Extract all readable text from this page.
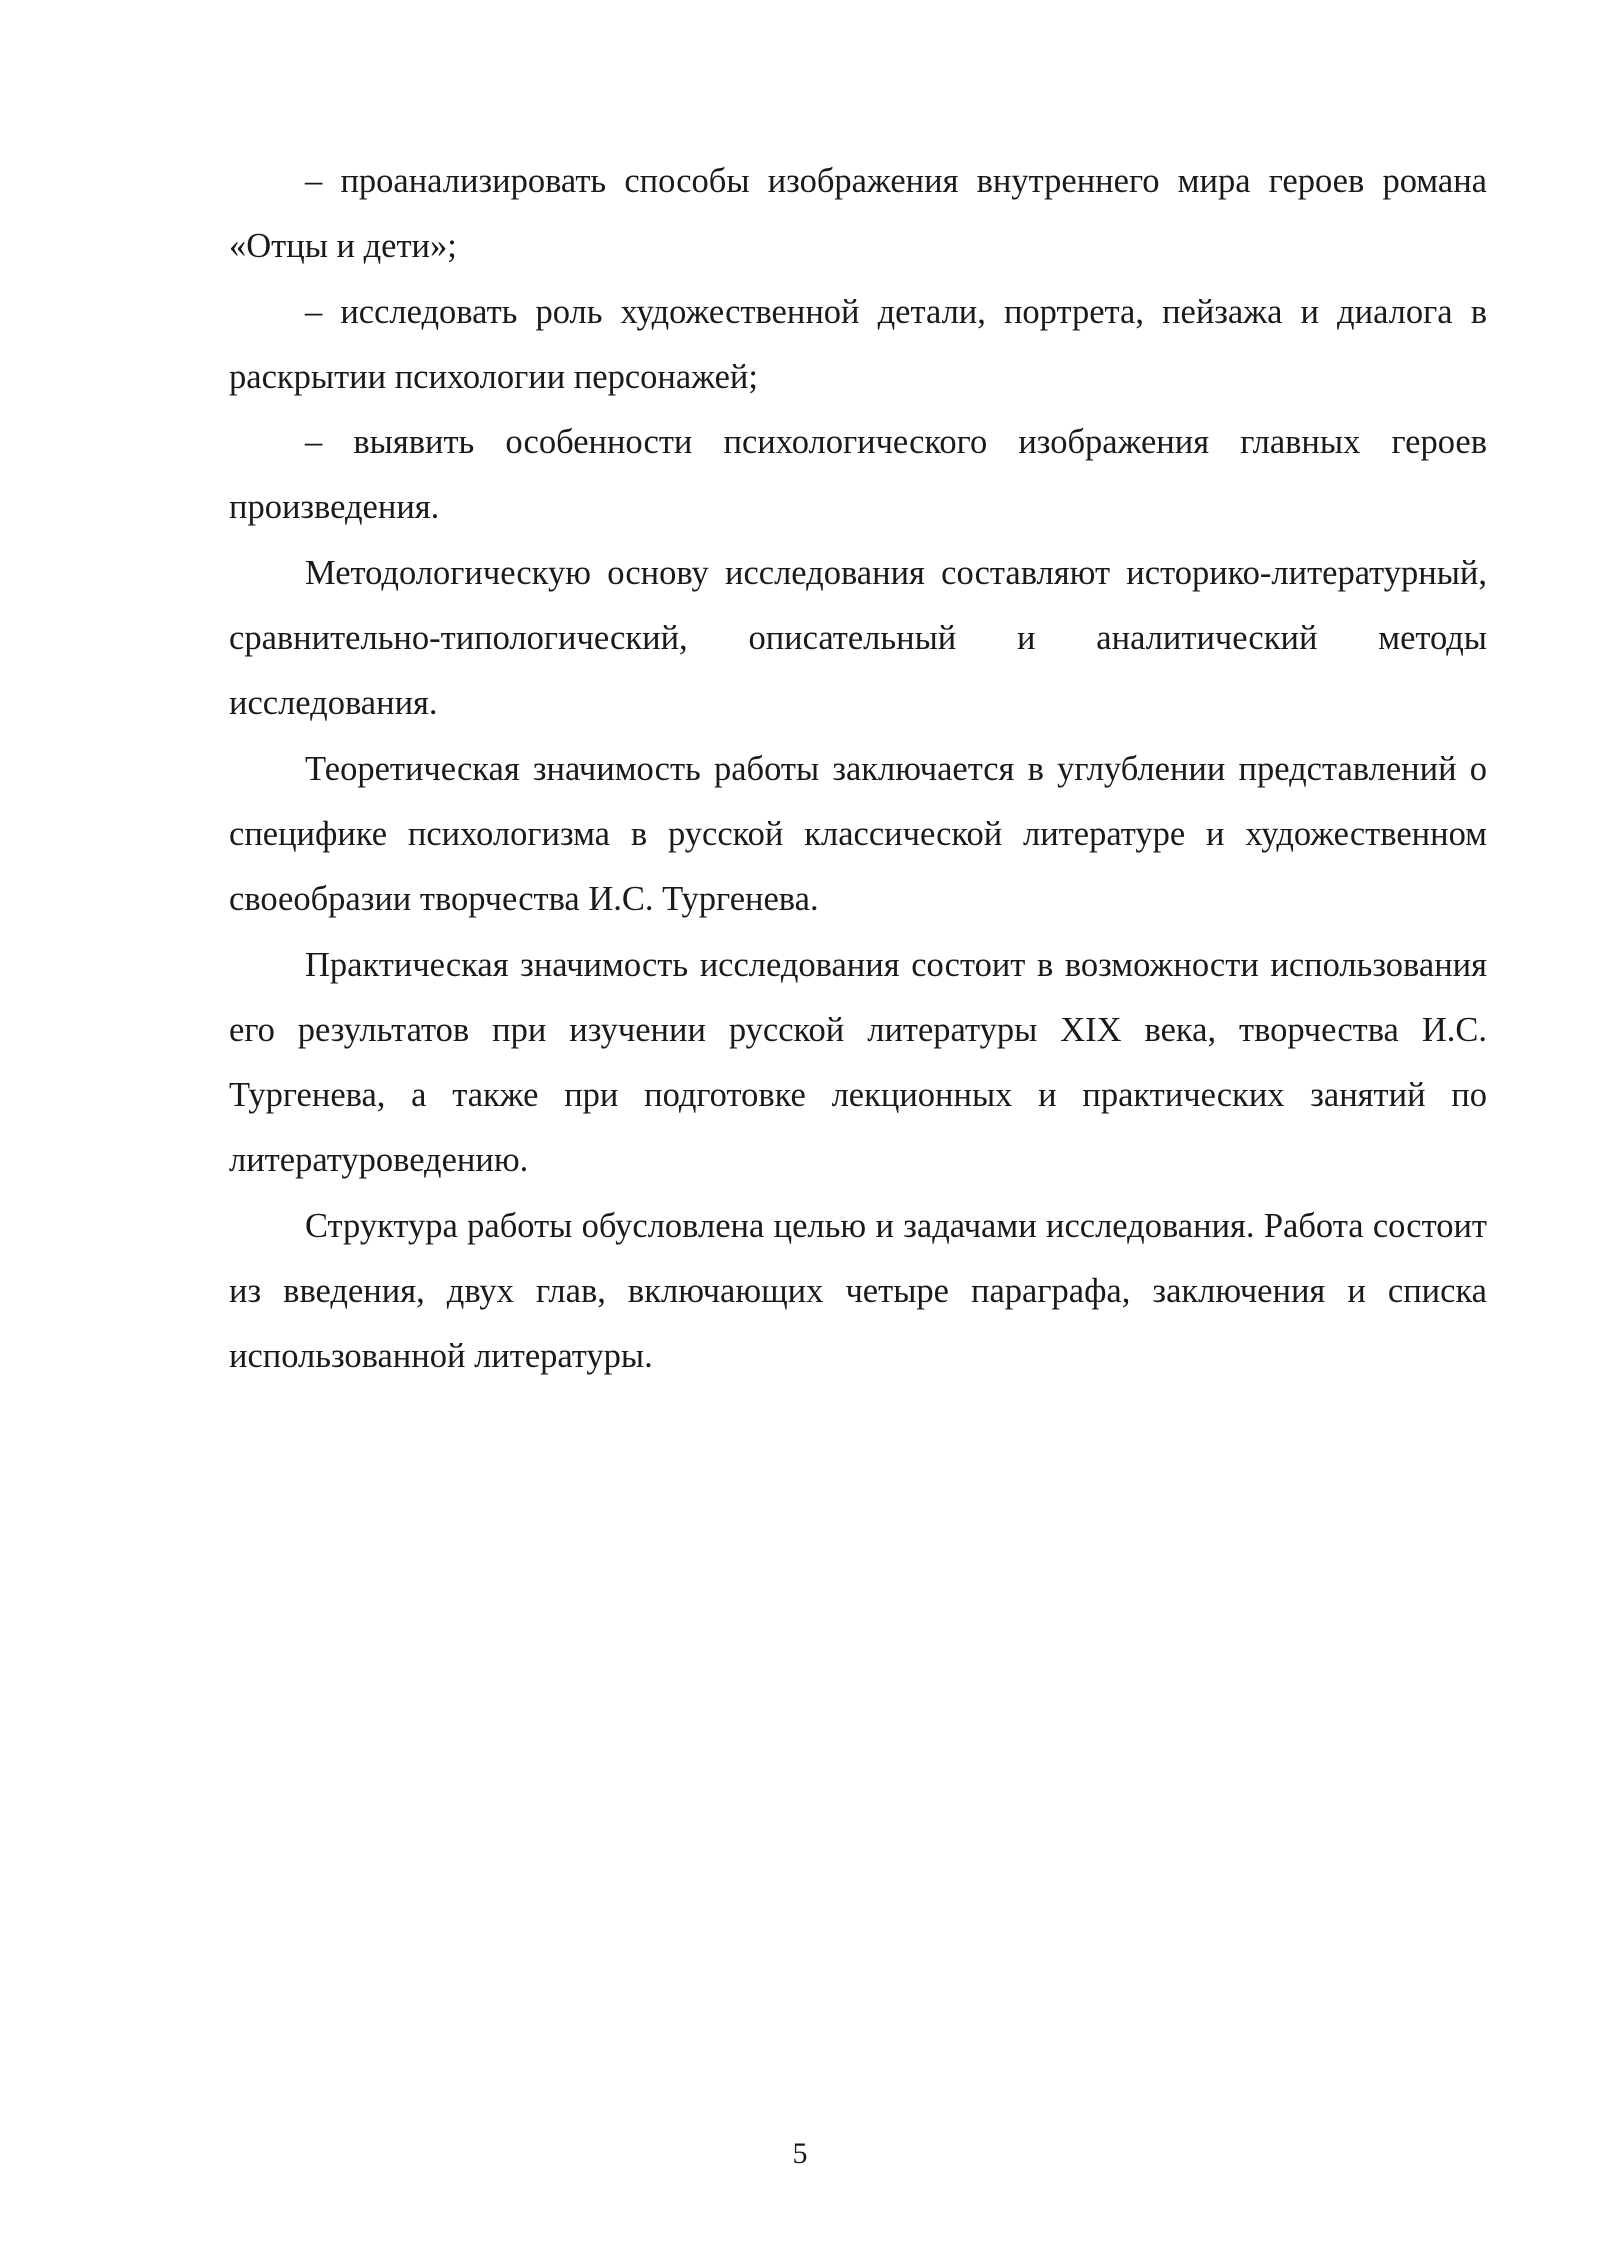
– проанализировать способы изображения внутреннего мира героев романа «Отцы и дети»;

– исследовать роль художественной детали, портрета, пейзажа и диалога в раскрытии психологии персонажей;

– выявить особенности психологического изображения главных героев произведения.

Методологическую основу исследования составляют историко-литературный, сравнительно-типологический, описательный и аналитический методы исследования.

Теоретическая значимость работы заключается в углублении представлений о специфике психологизма в русской классической литературе и художественном своеобразии творчества И.С. Тургенева.

Практическая значимость исследования состоит в возможности использования его результатов при изучении русской литературы XIX века, творчества И.С. Тургенева, а также при подготовке лекционных и практических занятий по литературоведению.

Структура работы обусловлена целью и задачами исследования. Работа состоит из введения, двух глав, включающих четыре параграфа, заключения и списка использованной литературы.

5
